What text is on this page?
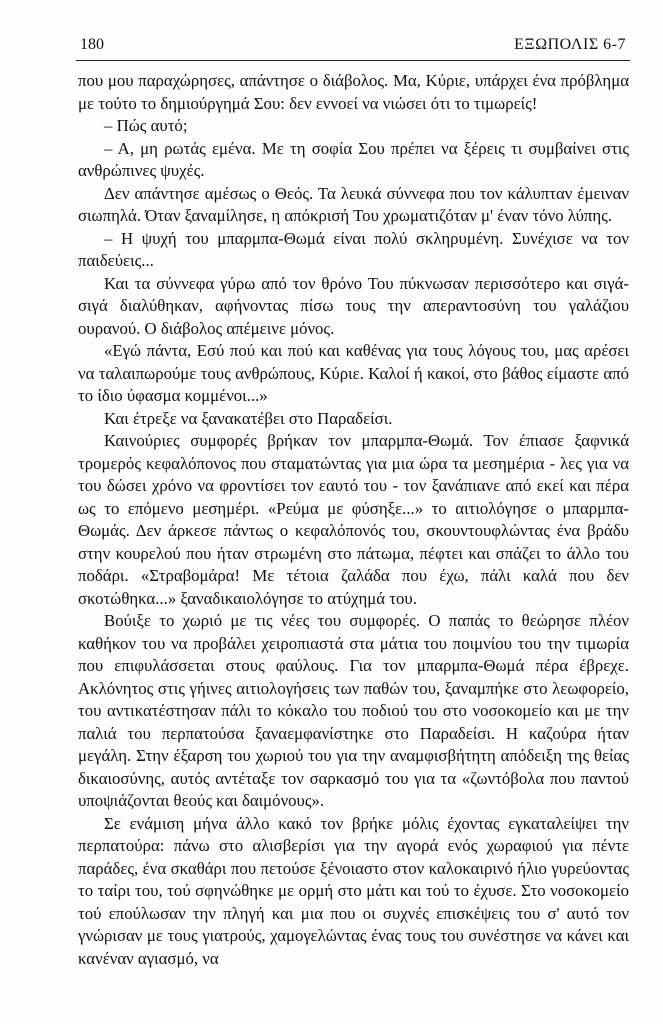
180	ΕΞΩΠΟΛΙΣ 6-7

που μου παραχώρησες, απάντησε ο διάβολος. Μα, Κύριε, υπάρχει ένα πρόβλημα με τούτο το δημιούργημά Σου: δεν εννοεί να νιώσει ότι το τιμωρείς!

– Πώς αυτό;

– Α, μη ρωτάς εμένα. Με τη σοφία Σου πρέπει να ξέρεις τι συμβαίνει στις ανθρώπινες ψυχές.

Δεν απάντησε αμέσως ο Θεός. Τα λευκά σύννεφα που τον κάλυπταν έμειναν σιωπηλά. Όταν ξαναμίλησε, η απόκρισή Του χρωματιζόταν μ' έναν τόνο λύπης.

– Η ψυχή του μπαρμπα-Θωμά είναι πολύ σκληρυμένη. Συνέχισε να τον παιδεύεις...

Και τα σύννεφα γύρω από τον θρόνο Του πύκνωσαν περισσότερο και σιγά-σιγά διαλύθηκαν, αφήνοντας πίσω τους την απεραντοσύνη του γαλάζιου ουρανού. Ο διάβολος απέμεινε μόνος.

«Εγώ πάντα, Εσύ πού και πού και καθένας για τους λόγους του, μας αρέσει να ταλαιπωρούμε τους ανθρώπους, Κύριε. Καλοί ή κακοί, στο βάθος είμαστε από το ίδιο ύφασμα κομμένοι...»

Και έτρεξε να ξανακατέβει στο Παραδείσι.

Καινούριες συμφορές βρήκαν τον μπαρμπα-Θωμά. Τον έπιασε ξαφνικά τρομερός κεφαλόπονος που σταματώντας για μια ώρα τα μεσημέρια - λες για να του δώσει χρόνο να φροντίσει τον εαυτό του - τον ξανάπιανε από εκεί και πέρα ως το επόμενο μεσημέρι. «Ρεύμα με φύσηξε...» το αιτιολόγησε ο μπαρμπα-Θωμάς. Δεν άρκεσε πάντως ο κεφαλόπονός του, σκουντουφλώντας ένα βράδυ στην κουρελού που ήταν στρωμένη στο πάτωμα, πέφτει και σπάζει το άλλο του ποδάρι. «Στραβομάρα! Με τέτοια ζαλάδα που έχω, πάλι καλά που δεν σκοτώθηκα...» ξαναδικαιολόγησε το ατύχημά του.

Βούιξε το χωριό με τις νέες του συμφορές. Ο παπάς το θεώρησε πλέον καθήκον του να προβάλει χειροπιαστά στα μάτια του ποιμνίου του την τιμωρία που επιφυλάσσεται στους φαύλους. Για τον μπαρμπα-Θωμά πέρα έβρεχε. Ακλόνητος στις γήινες αιτιολογήσεις των παθών του, ξαναμπήκε στο λεωφορείο, του αντικατέστησαν πάλι το κόκαλο του ποδιού του στο νοσοκομείο και με την παλιά του περπατούσα ξαναεμφανίστηκε στο Παραδείσι. Η καζούρα ήταν μεγάλη. Στην έξαρση του χωριού του για την αναμφισβήτητη απόδειξη της θείας δικαιοσύνης, αυτός αντέταξε τον σαρκασμό του για τα «ζωντόβολα που παντού υποψιάζονται θεούς και δαιμόνους».

Σε ενάμιση μήνα άλλο κακό τον βρήκε μόλις έχοντας εγκαταλείψει την περπατούρα: πάνω στο αλισβερίσι για την αγορά ενός χωραφιού για πέντε παράδες, ένα σκαθάρι που πετούσε ξένοιαστο στον καλοκαιρινό ήλιο γυρεύοντας το ταίρι του, τού σφηνώθηκε με ορμή στο μάτι και τού το έχυσε. Στο νοσοκομείο τού επούλωσαν την πληγή και μια που οι συχνές επισκέψεις του σ' αυτό τον γνώρισαν με τους γιατρούς, χαμογελώντας ένας τους του συνέστησε να κάνει και κανέναν αγιασμό, να
